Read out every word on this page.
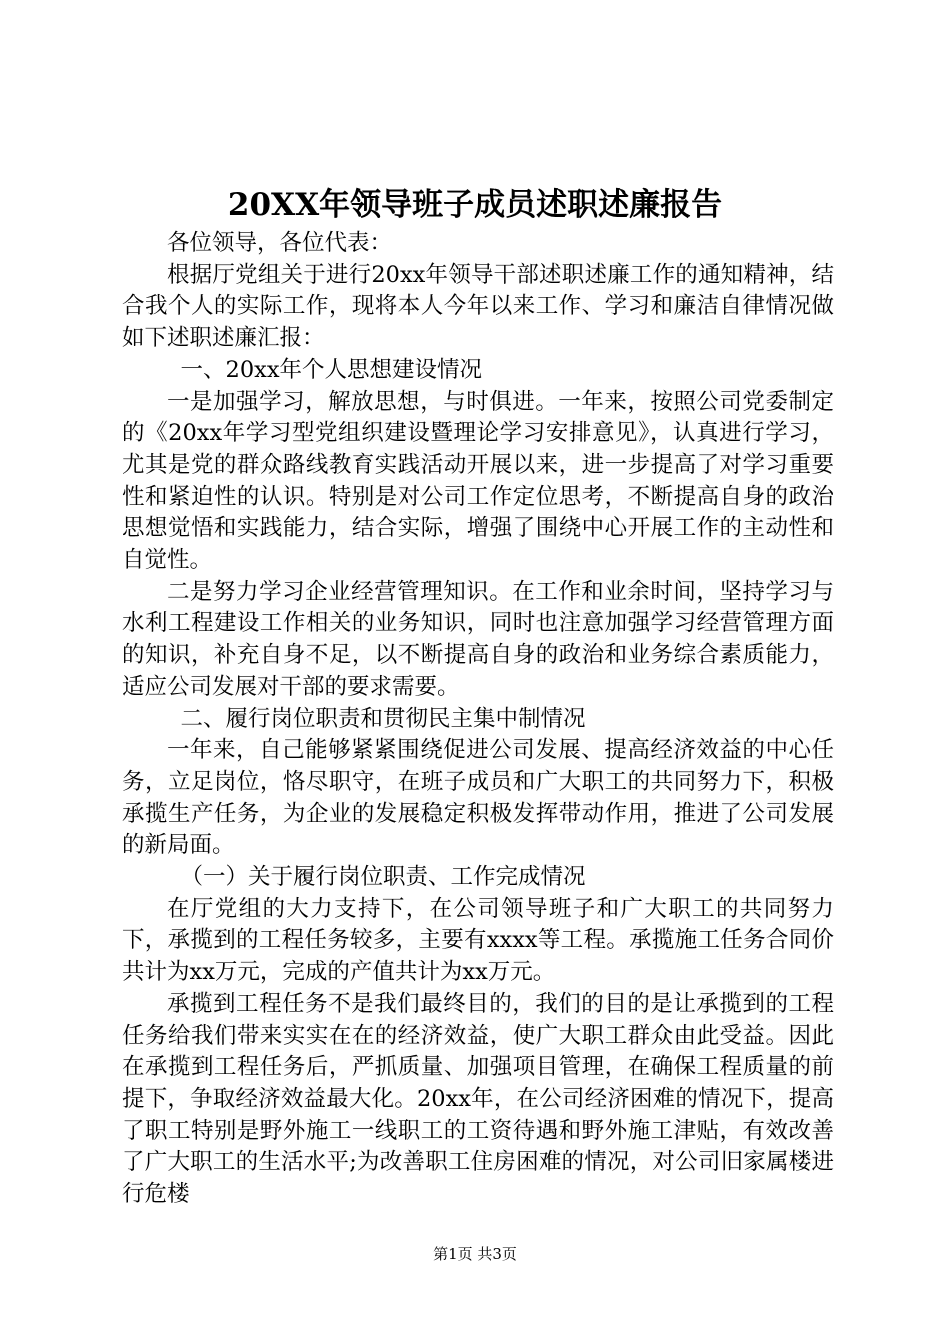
20XX年领导班子成员述职述廉报告

各位领导，各位代表：

根据厅党组关于进行20xx年领导干部述职述廉工作的通知精神，结合我个人的实际工作，现将本人今年以来工作、学习和廉洁自律情况做如下述职述廉汇报：

一、20xx年个人思想建设情况

一是加强学习，解放思想，与时俱进。一年来，按照公司党委制定的《20xx年学习型党组织建设暨理论学习安排意见》，认真进行学习，尤其是党的群众路线教育实践活动开展以来，进一步提高了对学习重要性和紧迫性的认识。特别是对公司工作定位思考，不断提高自身的政治思想觉悟和实践能力，结合实际，增强了围绕中心开展工作的主动性和自觉性。

二是努力学习企业经营管理知识。在工作和业余时间，坚持学习与水利工程建设工作相关的业务知识，同时也注意加强学习经营管理方面的知识，补充自身不足，以不断提高自身的政治和业务综合素质能力，适应公司发展对干部的要求需要。

二、履行岗位职责和贯彻民主集中制情况

一年来，自己能够紧紧围绕促进公司发展、提高经济效益的中心任务，立足岗位，恪尽职守，在班子成员和广大职工的共同努力下，积极承揽生产任务，为企业的发展稳定积极发挥带动作用，推进了公司发展的新局面。

（一）关于履行岗位职责、工作完成情况

在厅党组的大力支持下，在公司领导班子和广大职工的共同努力下，承揽到的工程任务较多，主要有xxxx等工程。承揽施工任务合同价共计为xx万元，完成的产值共计为xx万元。

承揽到工程任务不是我们最终目的，我们的目的是让承揽到的工程任务给我们带来实实在在的经济效益，使广大职工群众由此受益。因此在承揽到工程任务后，严抓质量、加强项目管理，在确保工程质量的前提下，争取经济效益最大化。20xx年，在公司经济困难的情况下，提高了职工特别是野外施工一线职工的工资待遇和野外施工津贴，有效改善了广大职工的生活水平;为改善职工住房困难的情况，对公司旧家属楼进行危楼

第1页 共3页
